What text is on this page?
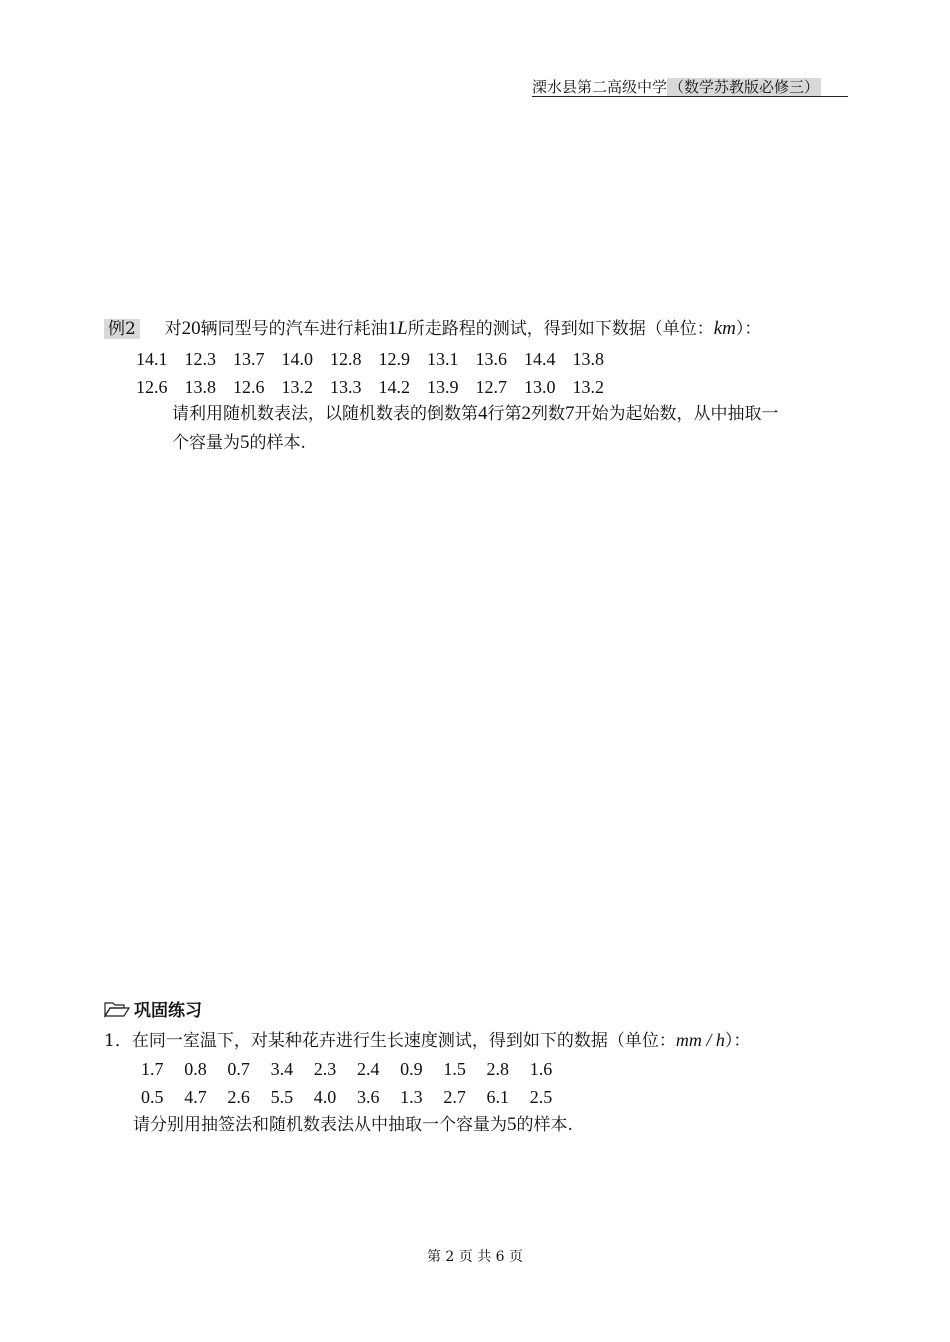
溧水县第二高级中学 （数学苏教版必修三）
例2 对20辆同型号的汽车进行耗油1L所走路程的测试，得到如下数据（单位：km）：
14.1 12.3 13.7 14.0 12.8 12.9 13.1 13.6 14.4 13.8
12.6 13.8 12.6 13.2 13.3 14.2 13.9 12.7 13.0 13.2
请利用随机数表法，以随机数表的倒数第4行第2列数7开始为起始数，从中抽取一
个容量为5的样本.
巩固练习
1．在同一室温下，对某种花卉进行生长速度测试，得到如下的数据（单位：mm / h）：
1.7	0.8	0.7	3.4	2.3	2.4	0.9	1.5	2.8	1.6
0.5	4.7	2.6	5.5	4.0	3.6	1.3	2.7	6.1	2.5
请分别用抽签法和随机数表法从中抽取一个容量为5的样本.
第 2 页 共 6 页
